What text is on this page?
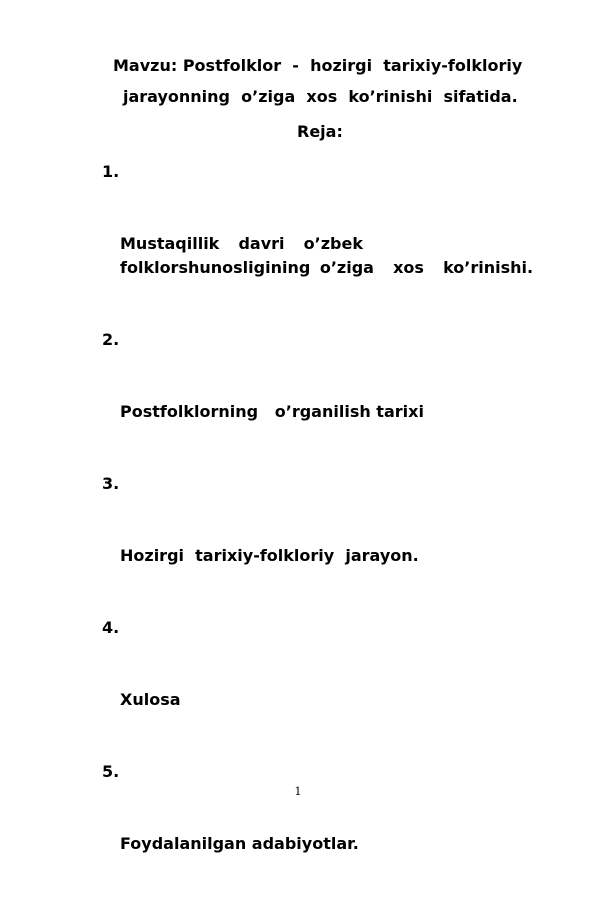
Mavzu: Postfolklor  -  hozirgi  tarixiy-folkloriy
jarayonning  o’ziga  xos  ko’rinishi  sifatida.
Reja:

1.

Mustaqillik  davri  o’zbek  folklorshunosligining o’ziga  xos  ko’rinishi.

2.

Postfolklorning   o’rganilish tarixi

3.

Hozirgi  tarixiy-folkloriy  jarayon.

4.

Xulosa

5.

Foydalanilgan adabiyotlar.

1
